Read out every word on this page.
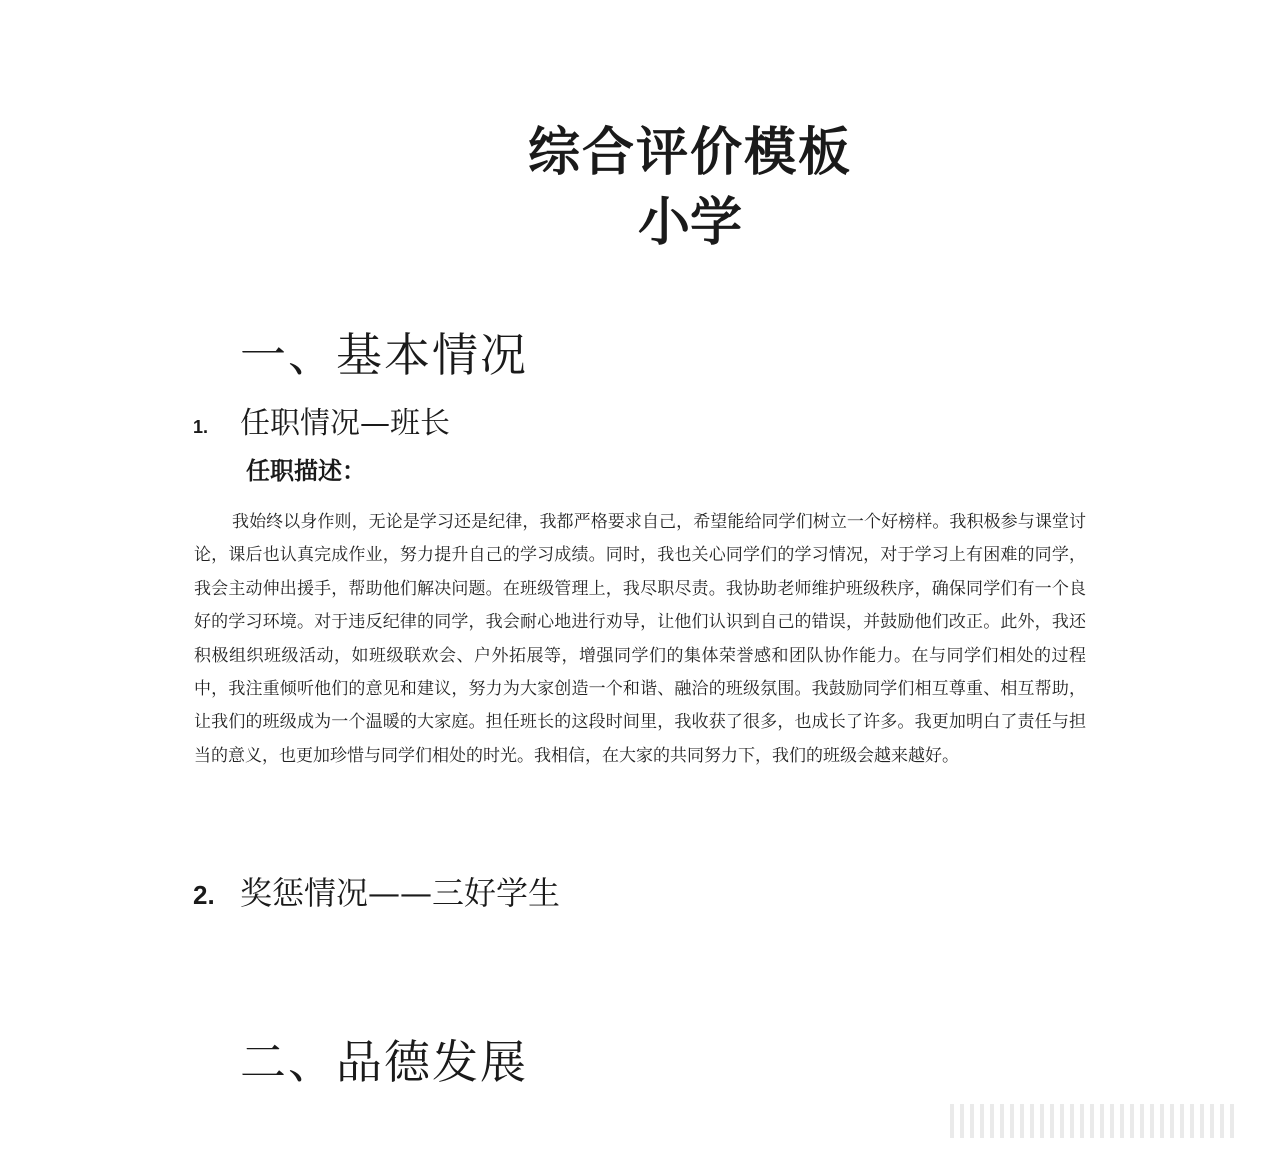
综合评价模板

小学

一、基本情况
1.	任职情况—班长
任职描述：

我始终以身作则，无论是学习还是纪律，我都严格要求自己，希望能给同学们树立一个好榜样。我积极参与课堂讨论，课后也认真完成作业，努力提升自己的学习成绩。同时，我也关心同学们的学习情况，对于学习上有困难的同学，我会主动伸出援手，帮助他们解决问题。在班级管理上，我尽职尽责。我协助老师维护班级秩序，确保同学们有一个良好的学习环境。对于违反纪律的同学，我会耐心地进行劝导，让他们认识到自己的错误，并鼓励他们改正。此外，我还积极组织班级活动，如班级联欢会、户外拓展等，增强同学们的集体荣誉感和团队协作能力。在与同学们相处的过程中，我注重倾听他们的意见和建议，努力为大家创造一个和谐、融洽的班级氛围。我鼓励同学们相互尊重、相互帮助，让我们的班级成为一个温暖的大家庭。担任班长的这段时间里，我收获了很多，也成长了许多。我更加明白了责任与担当的意义，也更加珍惜与同学们相处的时光。我相信，在大家的共同努力下，我们的班级会越来越好。

2. 奖惩情况——三好学生
二、品德发展
